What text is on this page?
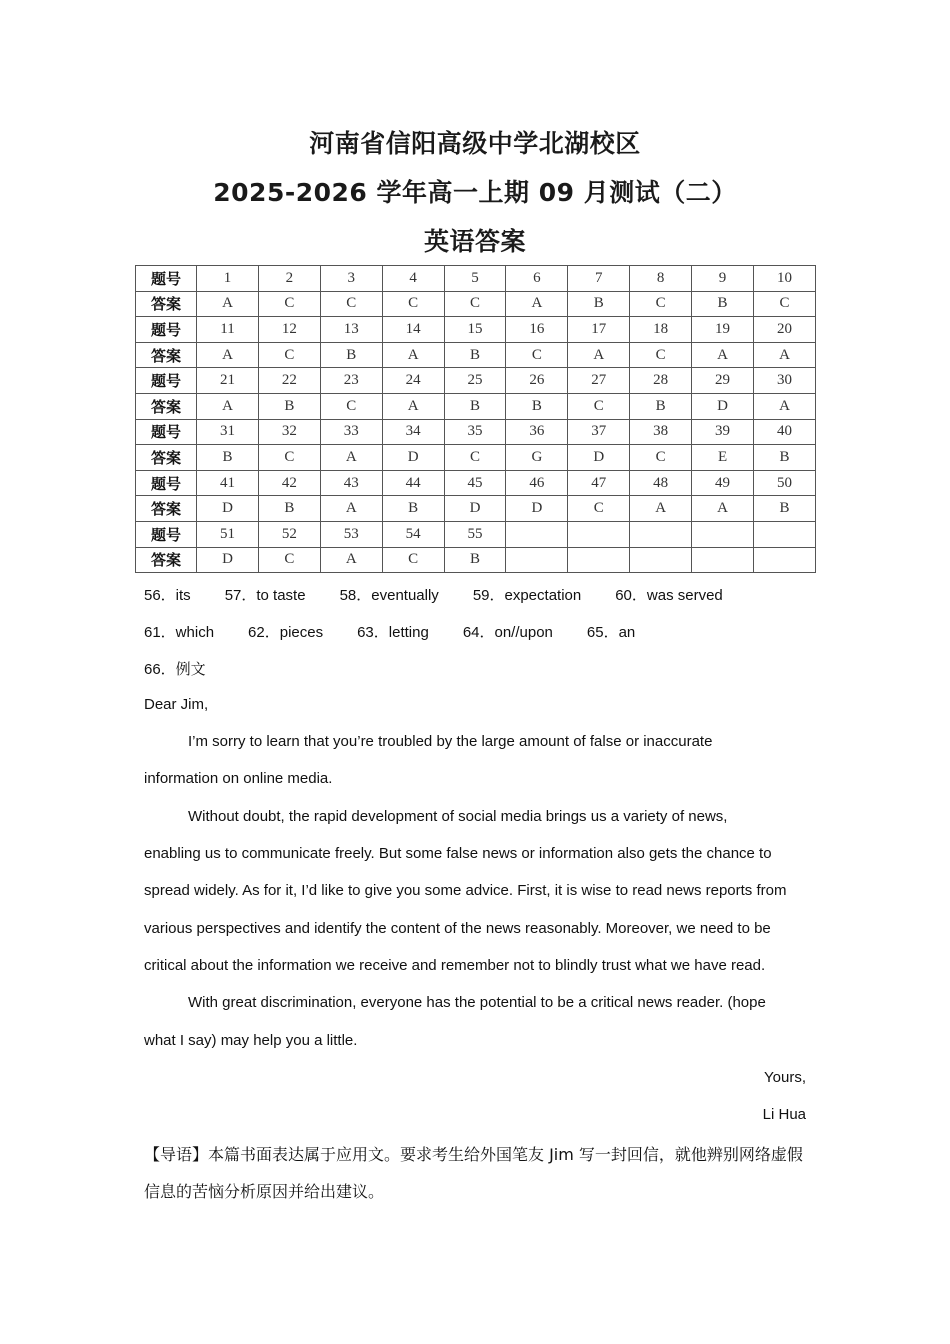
河南省信阳高级中学北湖校区
2025-2026 学年高一上期 09 月测试（二）
英语答案
题号	1	2	3	4	5	6	7	8	9	10
答案	A	C	C	C	C	A	B	C	B	C
题号	11	12	13	14	15	16	17	18	19	20
答案	A	C	B	A	B	C	A	C	A	A
题号	21	22	23	24	25	26	27	28	29	30
答案	A	B	C	A	B	B	C	B	D	A
题号	31	32	33	34	35	36	37	38	39	40
答案	B	C	A	D	C	G	D	C	E	B
题号	41	42	43	44	45	46	47	48	49	50
答案	D	B	A	B	D	D	C	A	A	B
题号	51	52	53	54	55					
答案	D	C	A	C	B					
56．its 57．to taste 58．eventually 59．expectation 60．was served
61．which 62．pieces 63．letting 64．on//upon 65．an
66．例文
Dear Jim,
I’m sorry to learn that you’re troubled by the large amount of false or inaccurate
information on online media.
Without doubt, the rapid development of social media brings us a variety of news,
enabling us to communicate freely. But some false news or information also gets the chance to
spread widely. As for it, I’d like to give you some advice. First, it is wise to read news reports from
various perspectives and identify the content of the news reasonably. Moreover, we need to be
critical about the information we receive and remember not to blindly trust what we have read.
With great discrimination, everyone has the potential to be a critical news reader. (hope
what I say) may help you a little.
Yours,
Li Hua
【导语】本篇书面表达属于应用文。要求考生给外国笔友 Jim 写一封回信，就他辨别网络虚假信息的苦恼分析原因并给出建议。
